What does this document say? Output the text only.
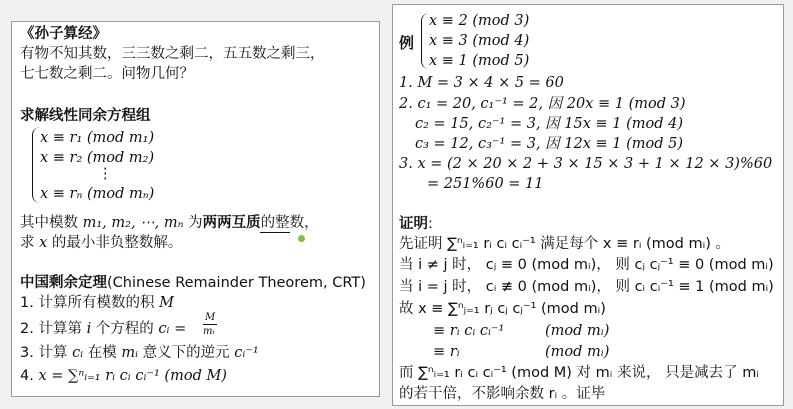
《孙子算经》
有物不知其数，三三数之剩二，五五数之剩三，
七七数之剩二。问物几何？
求解线性同余方程组
x ≡ r₁ (mod m₁)
x ≡ r₂ (mod m₂)
⋮
x ≡ rₙ (mod mₙ)
其中模数 m₁, m₂, ⋯, mₙ 为两两互质的整数，
求 x 的最小非负整数解。
中国剩余定理(Chinese Remainder Theorem, CRT)
1. 计算所有模数的积 M
2. 计算第 i 个方程的 cᵢ =
M
mᵢ
3. 计算 cᵢ 在模 mᵢ 意义下的逆元 cᵢ⁻¹
4. x = ∑ⁿᵢ₌₁ rᵢ cᵢ cᵢ⁻¹ (mod M)
例
x ≡ 2 (mod 3)
x ≡ 3 (mod 4)
x ≡ 1 (mod 5)
1. M = 3 × 4 × 5 = 60
2. c₁ = 20, c₁⁻¹ = 2, 因 20x ≡ 1 (mod 3)
c₂ = 15, c₂⁻¹ = 3, 因 15x ≡ 1 (mod 4)
c₃ = 12, c₃⁻¹ = 3, 因 12x ≡ 1 (mod 5)
3. x = (2 × 20 × 2 + 3 × 15 × 3 + 1 × 12 × 3)%60
= 251%60 = 11
证明:
先证明 ∑ⁿᵢ₌₁ rᵢ cᵢ cᵢ⁻¹ 满足每个 x ≡ rᵢ (mod mᵢ) 。
当 i ≠ j 时， cⱼ ≡ 0 (mod mᵢ)， 则 cⱼ cⱼ⁻¹ ≡ 0 (mod mᵢ)
当 i = j 时， cᵢ ≢ 0 (mod mᵢ)， 则 cᵢ cᵢ⁻¹ ≡ 1 (mod mᵢ)
故 x ≡ ∑ⁿⱼ₌₁ rⱼ cⱼ cⱼ⁻¹ (mod mᵢ)
≡ rᵢ cᵢ cᵢ⁻¹	(mod mᵢ)
≡ rᵢ	(mod mᵢ)
而 ∑ⁿᵢ₌₁ rᵢ cᵢ cᵢ⁻¹ (mod M) 对 mᵢ 来说， 只是减去了 mᵢ
的若干倍，不影响余数 rᵢ 。证毕
